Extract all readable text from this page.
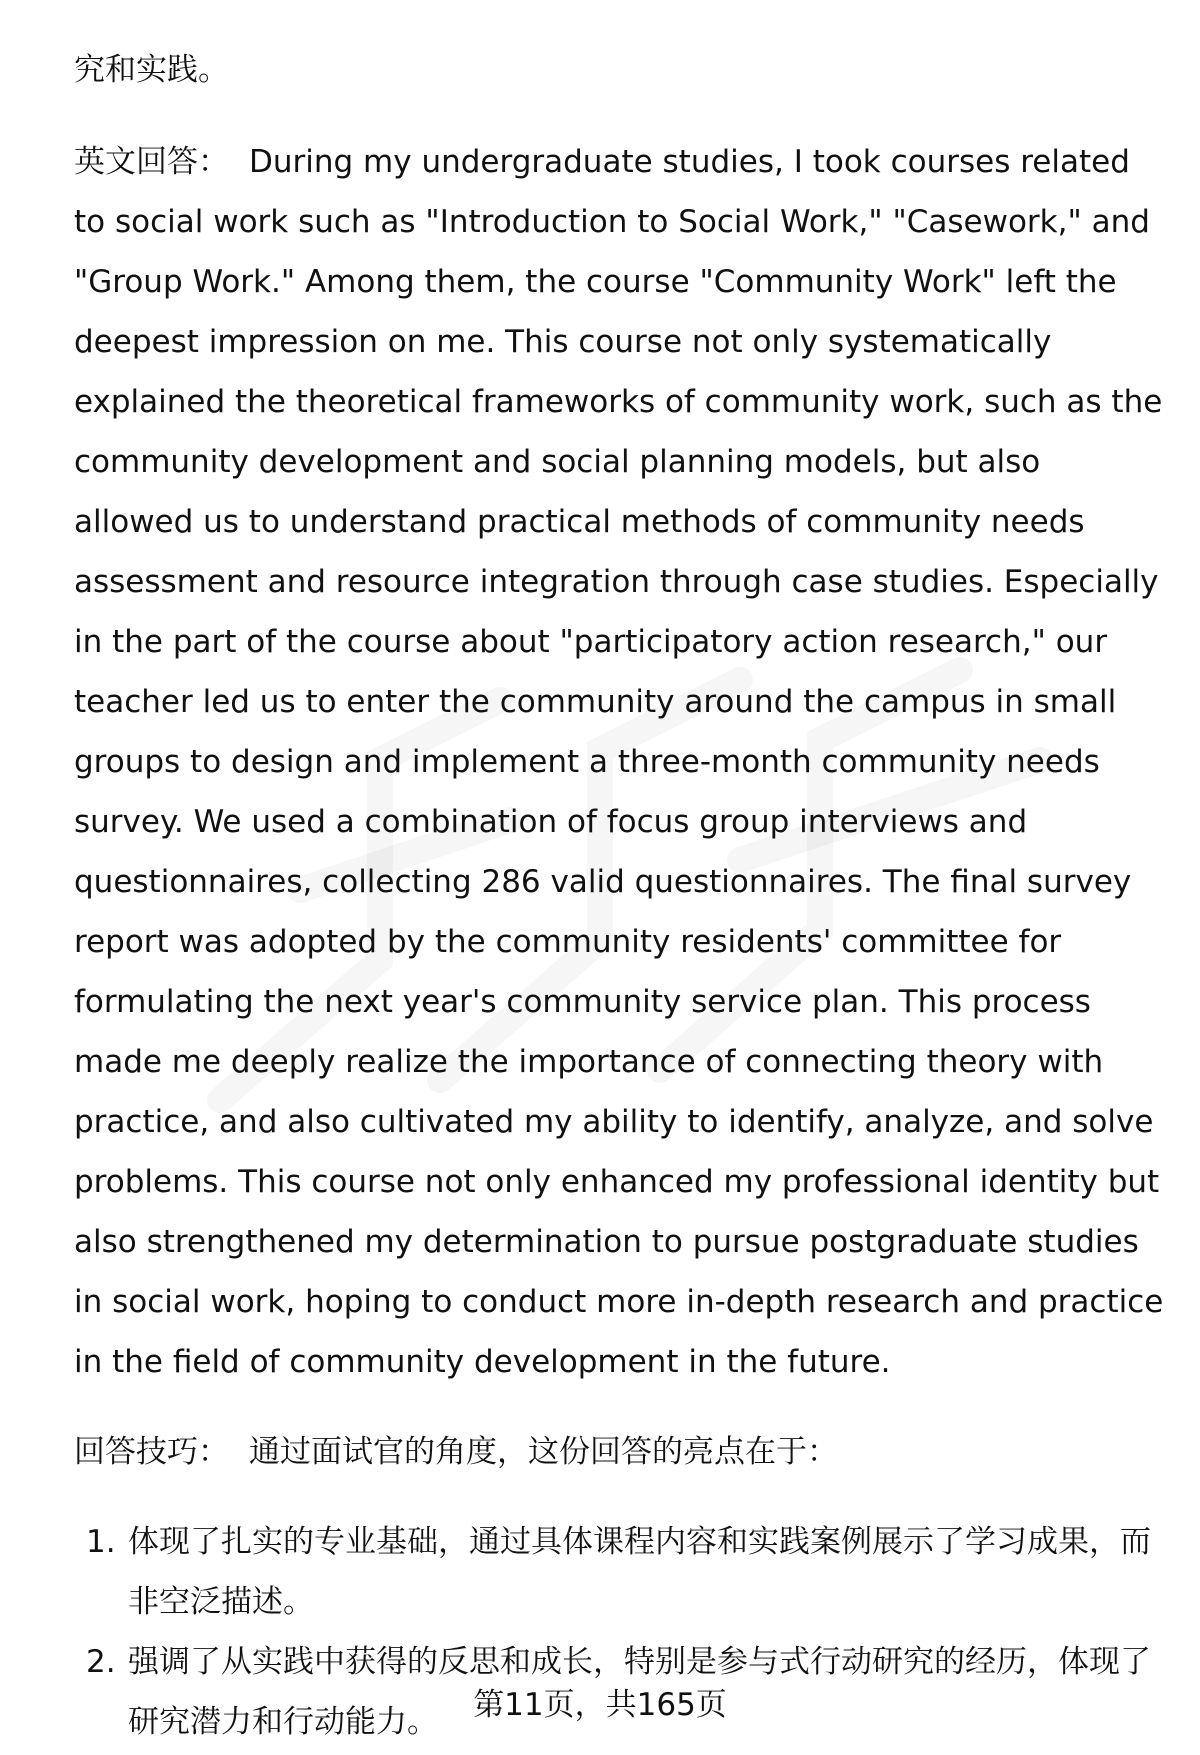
究和实践。

英文回答： During my undergraduate studies, I took courses related to social work such as "Introduction to Social Work," "Casework," and "Group Work." Among them, the course "Community Work" left the deepest impression on me. This course not only systematically explained the theoretical frameworks of community work, such as the community development and social planning models, but also allowed us to understand practical methods of community needs assessment and resource integration through case studies. Especially in the part of the course about "participatory action research," our teacher led us to enter the community around the campus in small groups to design and implement a three-month community needs survey. We used a combination of focus group interviews and questionnaires, collecting 286 valid questionnaires. The final survey report was adopted by the community residents' committee for formulating the next year's community service plan. This process made me deeply realize the importance of connecting theory with practice, and also cultivated my ability to identify, analyze, and solve problems. This course not only enhanced my professional identity but also strengthened my determination to pursue postgraduate studies in social work, hoping to conduct more in-depth research and practice in the field of community development in the future.

回答技巧： 通过面试官的角度，这份回答的亮点在于：

1. 体现了扎实的专业基础，通过具体课程内容和实践案例展示了学习成果，而非空泛描述。
2. 强调了从实践中获得的反思和成长，特别是参与式行动研究的经历，体现了研究潜力和行动能力。	第11页，共165页
